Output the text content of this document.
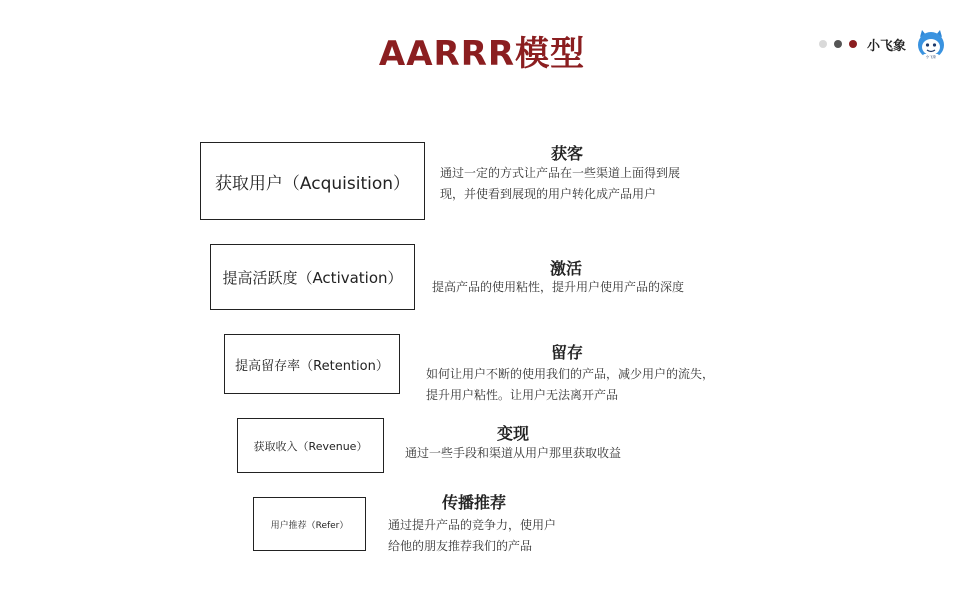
AARRR模型	小飞象
小飞象
获取用户（Acquisition）
获客
通过一定的方式让产品在一些渠道上面得到展现，并使看到展现的用户转化成产品用户
提高活跃度（Activation）	激活
提高产品的使用粘性，提升用户使用产品的深度
提高留存率（Retention）
留存
如何让用户不断的使用我们的产品，减少用户的流失，提升用户粘性。让用户无法离开产品
获取收入（Revenue）
变现
通过一些手段和渠道从用户那里获取收益
用户推荐（Refer）
传播推荐
通过提升产品的竞争力，使用户给他的朋友推荐我们的产品
